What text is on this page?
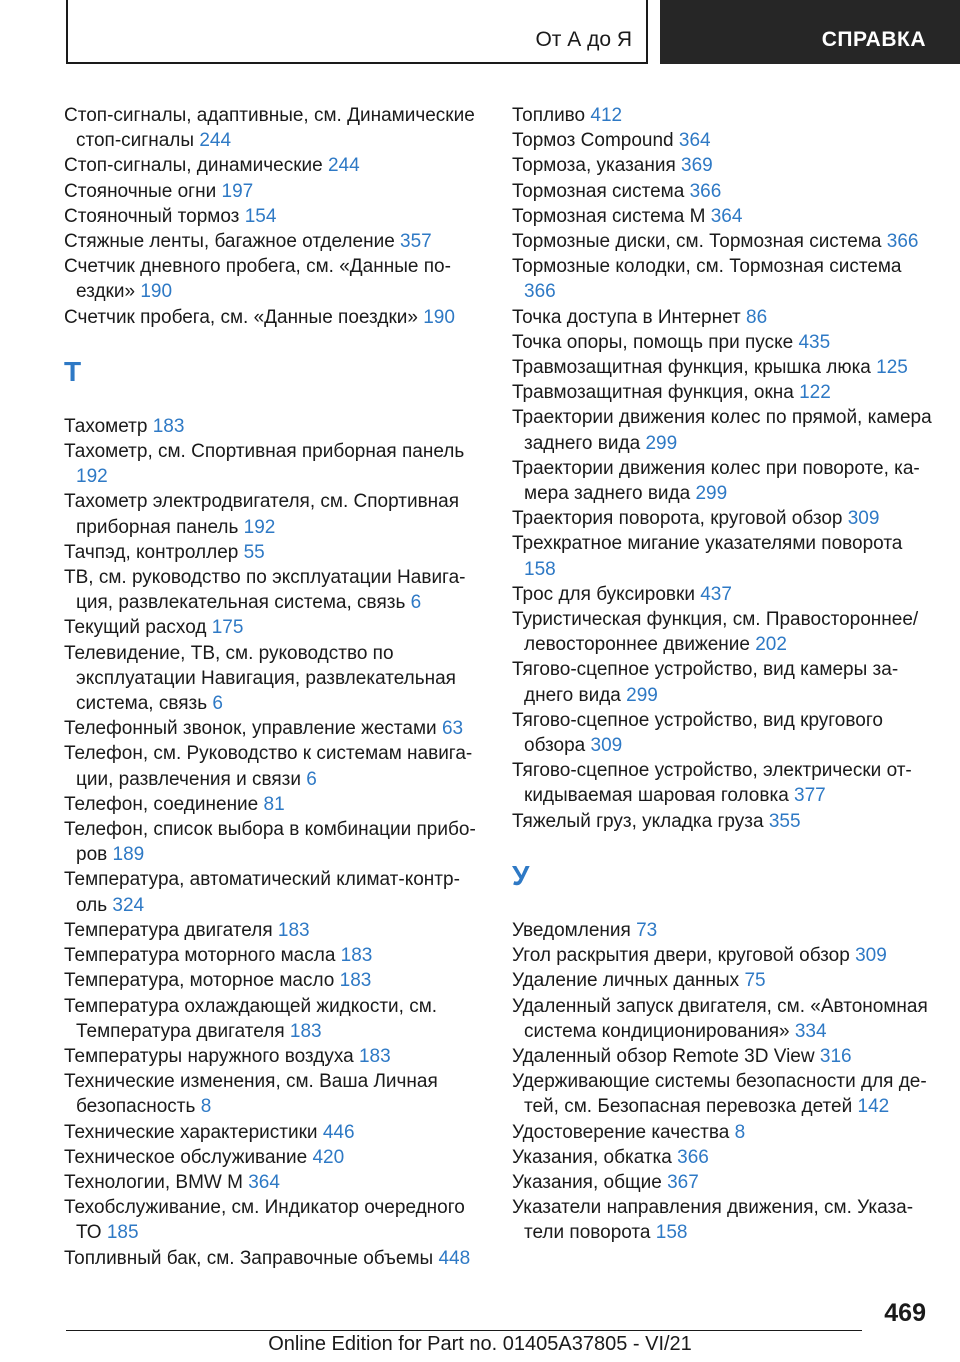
От А до Я	СПРАВКА

Стоп-сигналы, адаптивные, см. Динамические стоп-сигналы 244

Стоп-сигналы, динамические 244

Стояночные огни 197

Стояночный тормоз 154

Стяжные ленты, багажное отделение 357

Счетчик дневного пробега, см. «Данные поездки» 190

Счетчик пробега, см. «Данные поездки» 190

Т

Тахометр 183

Тахометр, см. Спортивная приборная панель 192

Тахометр электродвигателя, см. Спортивная приборная панель 192

Тачпэд, контроллер 55

ТВ, см. руководство по эксплуатации Навигация, развлекательная система, связь 6

Текущий расход 175

Телевидение, ТВ, см. руководство по эксплуатации Навигация, развлекательная система, связь 6

Телефонный звонок, управление жестами 63

Телефон, см. Руководство к системам навигации, развлечения и связи 6

Телефон, соединение 81

Телефон, список выбора в комбинации приборов 189

Температура, автоматический климат-контроль 324

Температура двигателя 183

Температура моторного масла 183

Температура, моторное масло 183

Температура охлаждающей жидкости, см. Температура двигателя 183

Температуры наружного воздуха 183

Технические изменения, см. Ваша Личная безопасность 8

Технические характеристики 446

Техническое обслуживание 420

Технологии, BMW M 364

Техобслуживание, см. Индикатор очередного ТО 185

Топливный бак, см. Заправочные объемы 448

Топливо 412

Тормоз Compound 364

Тормоза, указания 369

Тормозная система 366

Тормозная система M 364

Тормозные диски, см. Тормозная система 366

Тормозные колодки, см. Тормозная система 366

Точка доступа в Интернет 86

Точка опоры, помощь при пуске 435

Травмозащитная функция, крышка люка 125

Травмозащитная функция, окна 122

Траектории движения колес по прямой, камера заднего вида 299

Траектории движения колес при повороте, камера заднего вида 299

Траектория поворота, круговой обзор 309

Трехкратное мигание указателями поворота 158

Трос для буксировки 437

Туристическая функция, см. Правостороннее/левостороннее движение 202

Тягово-сцепное устройство, вид камеры заднего вида 299

Тягово-сцепное устройство, вид кругового обзора 309

Тягово-сцепное устройство, электрически откидываемая шаровая головка 377

Тяжелый груз, укладка груза 355

У

Уведомления 73

Угол раскрытия двери, круговой обзор 309

Удаление личных данных 75

Удаленный запуск двигателя, см. «Автономная система кондиционирования» 334

Удаленный обзор Remote 3D View 316

Удерживающие системы безопасности для детей, см. Безопасная перевозка детей 142

Удостоверение качества 8

Указания, обкатка 366

Указания, общие 367

Указатели направления движения, см. Указатели поворота 158

469
Online Edition for Part no. 01405A37805 - VI/21
